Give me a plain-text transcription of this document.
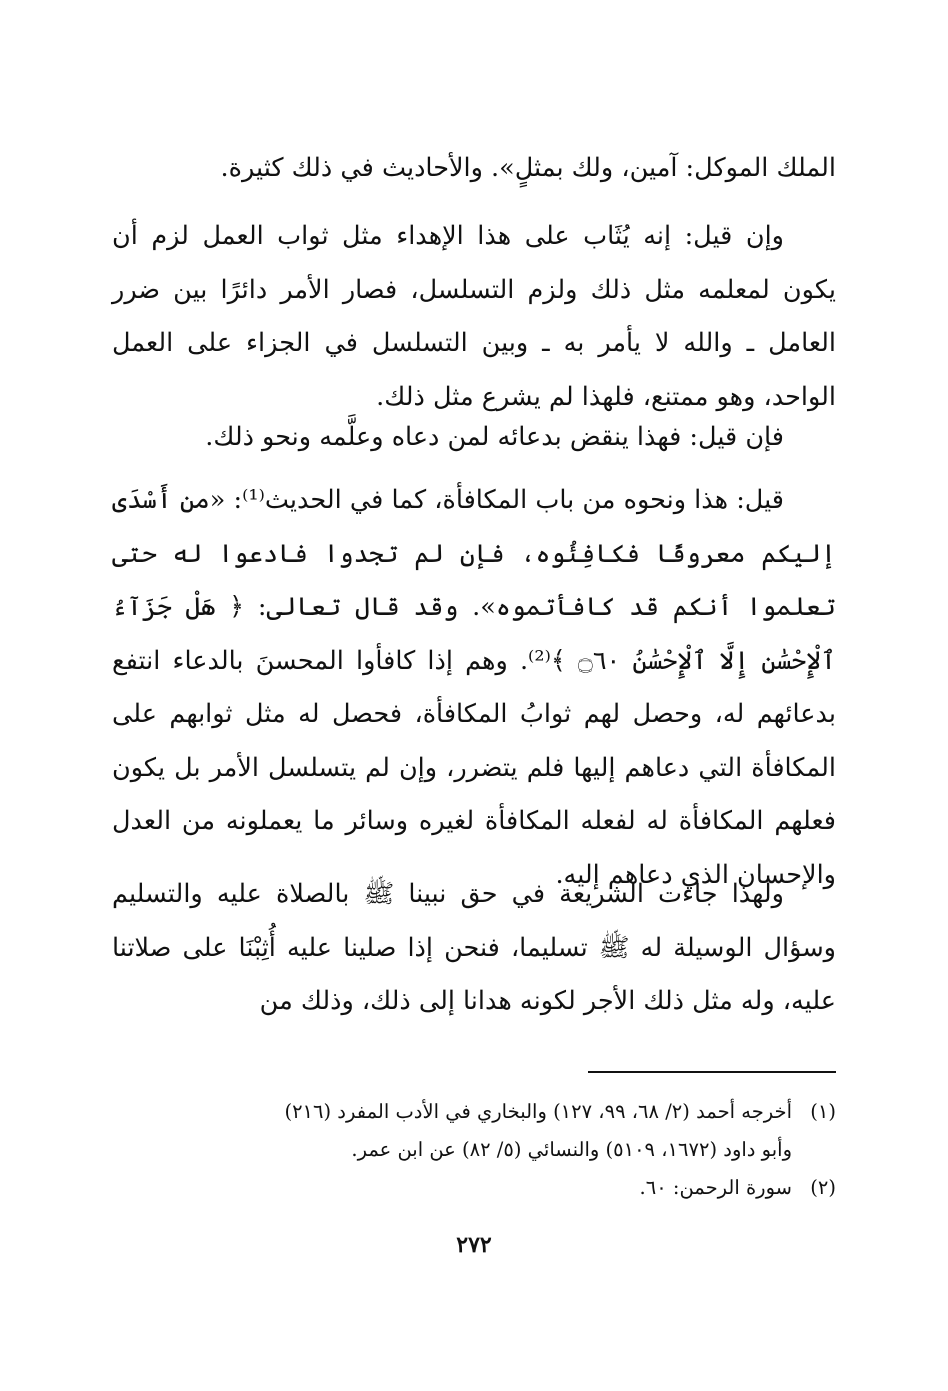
الملك الموكل: آمين، ولك بمثلٍ». والأحاديث في ذلك كثيرة.

وإن قيل: إنه يُثَاب على هذا الإهداء مثل ثواب العمل لزم أن يكون لمعلمه مثل ذلك ولزم التسلسل، فصار الأمر دائرًا بين ضرر العامل ـ والله لا يأمر به ـ وبين التسلسل في الجزاء على العمل الواحد، وهو ممتنع، فلهذا لم يشرع مثل ذلك.

فإن قيل: فهذا ينقض بدعائه لمن دعاه وعلَّمه ونحو ذلك.

قيل: هذا ونحوه من باب المكافأة، كما في الحديث⁽¹⁾: «من أَسْدَى إليكم معروفًا فكافِئُوه، فإن لم تجدوا فادعوا له حتى تعلموا أنكم قد كافأتموه». وقد قال تعالى: ﴿ هَلْ جَزَآءُ ٱلْإِحْسَٰنِ إِلَّا ٱلْإِحْسَٰنُ ۝٦٠ ﴾⁽²⁾. وهم إذا كافأوا المحسنَ بالدعاء انتفع بدعائهم له، وحصل لهم ثوابُ المكافأة، فحصل له مثل ثوابهم على المكافأة التي دعاهم إليها فلم يتضرر، وإن لم يتسلسل الأمر بل يكون فعلهم المكافأة له لفعله المكافأة لغيره وسائر ما يعملونه من العدل والإحسان الذي دعاهم إليه.

ولهذا جاءت الشريعة في حق نبينا ﷺ بالصلاة عليه والتسليم وسؤال الوسيلة له ﷺ تسليما، فنحن إذا صلينا عليه أُثِبْنَا على صلاتنا عليه، وله مثل ذلك الأجر لكونه هدانا إلى ذلك، وذلك من

(١)أخرجه أحمد (٢/ ٦٨، ٩٩، ١٢٧) والبخاري في الأدب المفرد (٢١٦)
وأبو داود (١٦٧٢، ٥١٠٩) والنسائي (٥/ ٨٢) عن ابن عمر.
(٢)سورة الرحمن: ٦٠.
٢٧٢
